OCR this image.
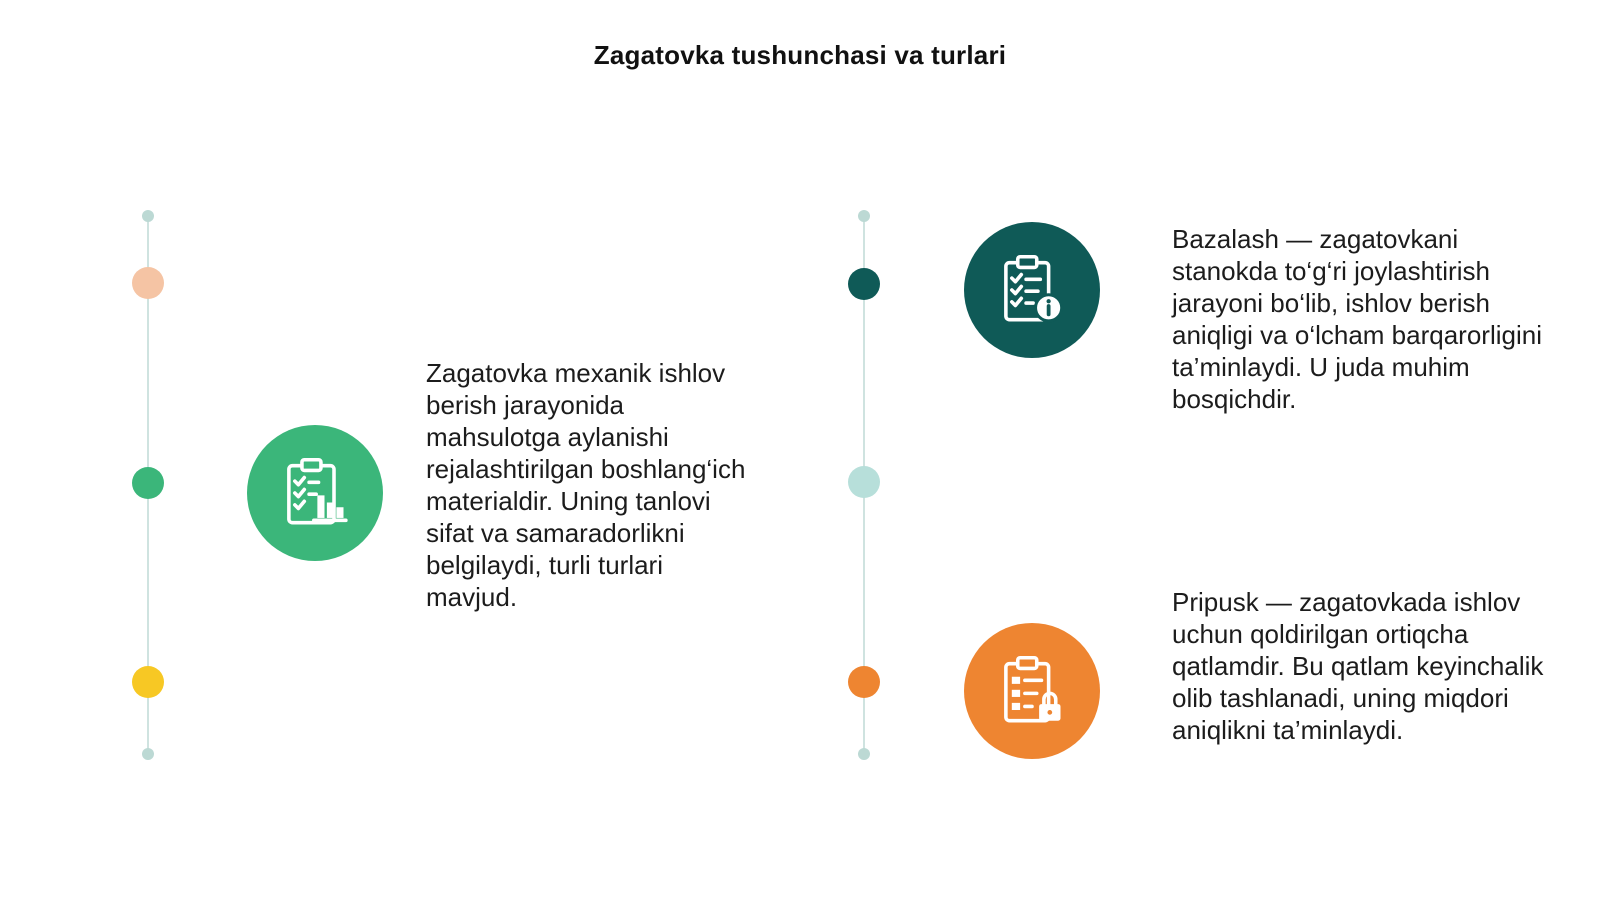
Zagatovka tushunchasi va turlari
Zagatovka mexanik ishlov berish jarayonida mahsulotga aylanishi rejalashtirilgan boshlang‘ich materialdir. Uning tanlovi sifat va samaradorlikni belgilaydi, turli turlari mavjud.
Bazalash — zagatovkani stanokda to‘g‘ri joylashtirish jarayoni bo‘lib, ishlov berish aniqligi va o‘lcham barqarorligini ta’minlaydi. U juda muhim bosqichdir.
Pripusk — zagatovkada ishlov uchun qoldirilgan ortiqcha qatlamdir. Bu qatlam keyinchalik olib tashlanadi, uning miqdori aniqlikni ta’minlaydi.
